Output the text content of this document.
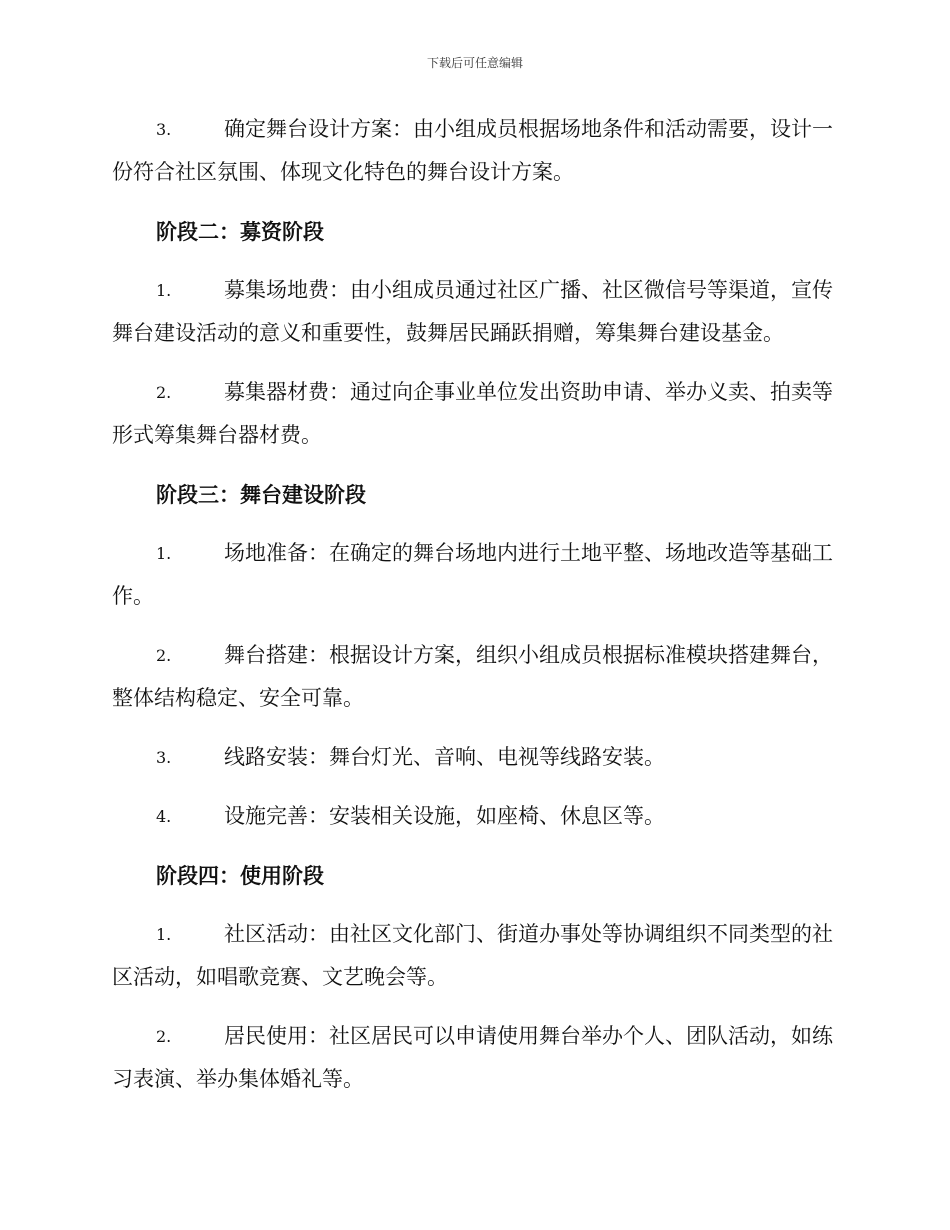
下载后可任意编辑
3.	确定舞台设计方案：由小组成员根据场地条件和活动需要，设计一份符合社区氛围、体现文化特色的舞台设计方案。
阶段二：募资阶段
1.	募集场地费：由小组成员通过社区广播、社区微信号等渠道，宣传舞台建设活动的意义和重要性，鼓舞居民踊跃捐赠，筹集舞台建设基金。
2.	募集器材费：通过向企事业单位发出资助申请、举办义卖、拍卖等形式筹集舞台器材费。
阶段三：舞台建设阶段
1.	场地准备：在确定的舞台场地内进行土地平整、场地改造等基础工作。
2.	舞台搭建：根据设计方案，组织小组成员根据标准模块搭建舞台，整体结构稳定、安全可靠。
3.	线路安装：舞台灯光、音响、电视等线路安装。
4.	设施完善：安装相关设施，如座椅、休息区等。
阶段四：使用阶段
1.	社区活动：由社区文化部门、街道办事处等协调组织不同类型的社区活动，如唱歌竞赛、文艺晚会等。
2.	居民使用：社区居民可以申请使用舞台举办个人、团队活动，如练习表演、举办集体婚礼等。
